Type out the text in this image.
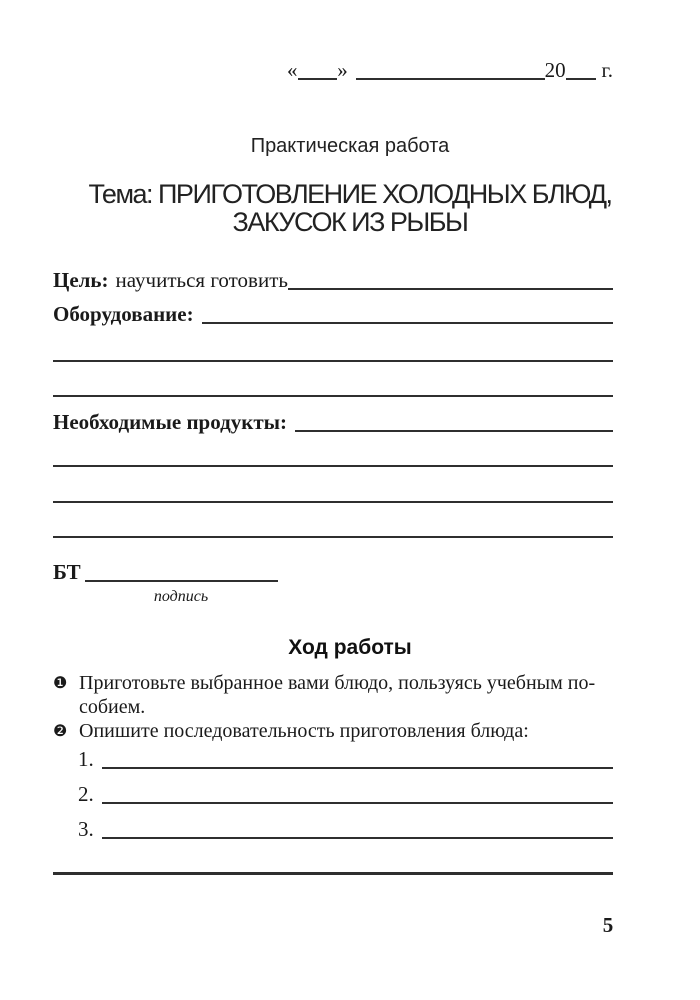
« »	20 г.
Практическая работа
Тема: ПРИГОТОВЛЕНИЕ ХОЛОДНЫХ БЛЮД,
ЗАКУСОК ИЗ РЫБЫ
Цель: научиться готовить
Оборудование:
Необходимые продукты:
БТ
подпись
Ход работы
❶ Приготовьте выбранное вами блюдо, пользуясь учебным по-
собием.
❷ Опишите последовательность приготовления блюда:
1.
2.
3.
5
